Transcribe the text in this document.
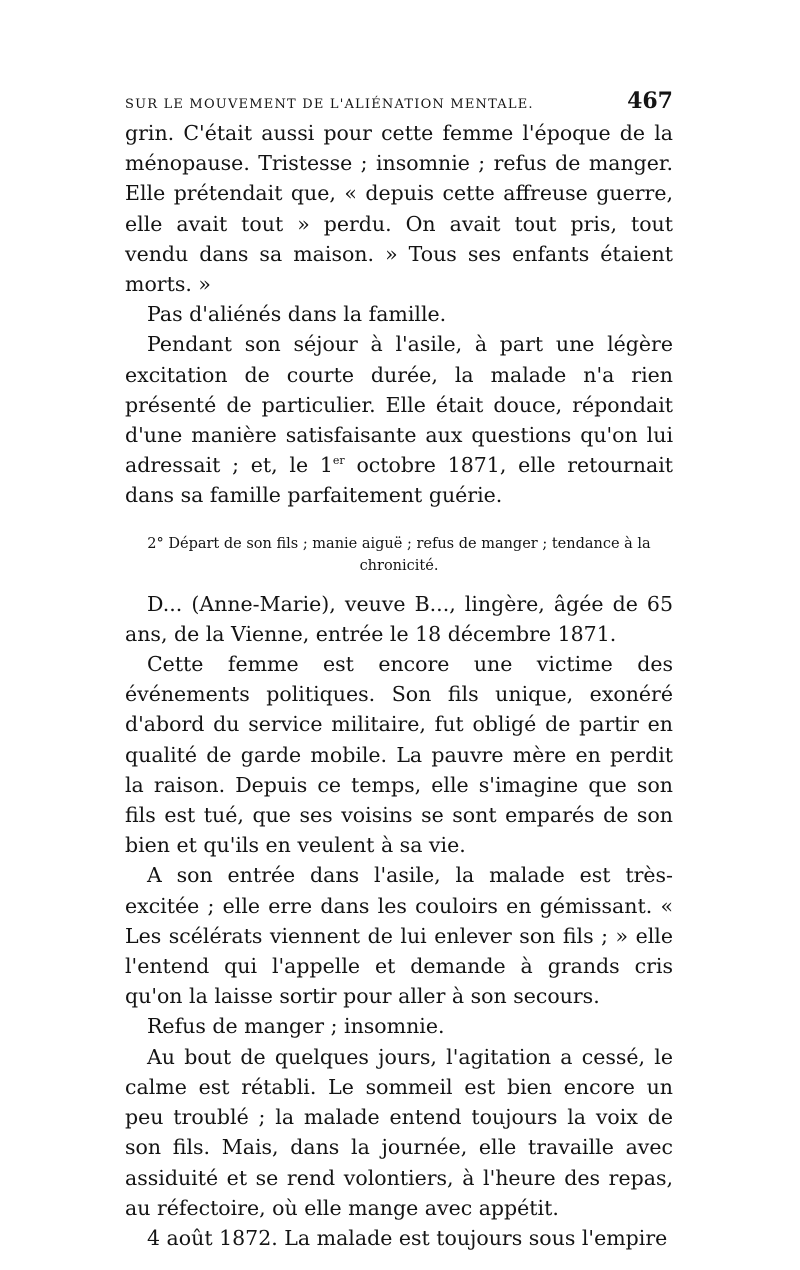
SUR LE MOUVEMENT DE L'ALIÉNATION MENTALE.	467

grin. C'était aussi pour cette femme l'époque de la ménopause. Tristesse ; insomnie ; refus de manger. Elle prétendait que, « depuis cette affreuse guerre, elle avait tout » perdu. On avait tout pris, tout vendu dans sa maison. » Tous ses enfants étaient morts. »

Pas d'aliénés dans la famille.

Pendant son séjour à l'asile, à part une légère excitation de courte durée, la malade n'a rien présenté de particulier. Elle était douce, répondait d'une manière satisfaisante aux questions qu'on lui adressait ; et, le 1er octobre 1871, elle retournait dans sa famille parfaitement guérie.

2° Départ de son fils ; manie aiguë ; refus de manger ; tendance à la chronicité.

D... (Anne-Marie), veuve B..., lingère, âgée de 65 ans, de la Vienne, entrée le 18 décembre 1871.

Cette femme est encore une victime des événements politiques. Son fils unique, exonéré d'abord du service militaire, fut obligé de partir en qualité de garde mobile. La pauvre mère en perdit la raison. Depuis ce temps, elle s'imagine que son fils est tué, que ses voisins se sont emparés de son bien et qu'ils en veulent à sa vie.

A son entrée dans l'asile, la malade est très-excitée ; elle erre dans les couloirs en gémissant. « Les scélérats viennent de lui enlever son fils ; » elle l'entend qui l'appelle et demande à grands cris qu'on la laisse sortir pour aller à son secours.

Refus de manger ; insomnie.

Au bout de quelques jours, l'agitation a cessé, le calme est rétabli. Le sommeil est bien encore un peu troublé ; la malade entend toujours la voix de son fils. Mais, dans la journée, elle travaille avec assiduité et se rend volontiers, à l'heure des repas, au réfectoire, où elle mange avec appétit.

4 août 1872. La malade est toujours sous l'empire
